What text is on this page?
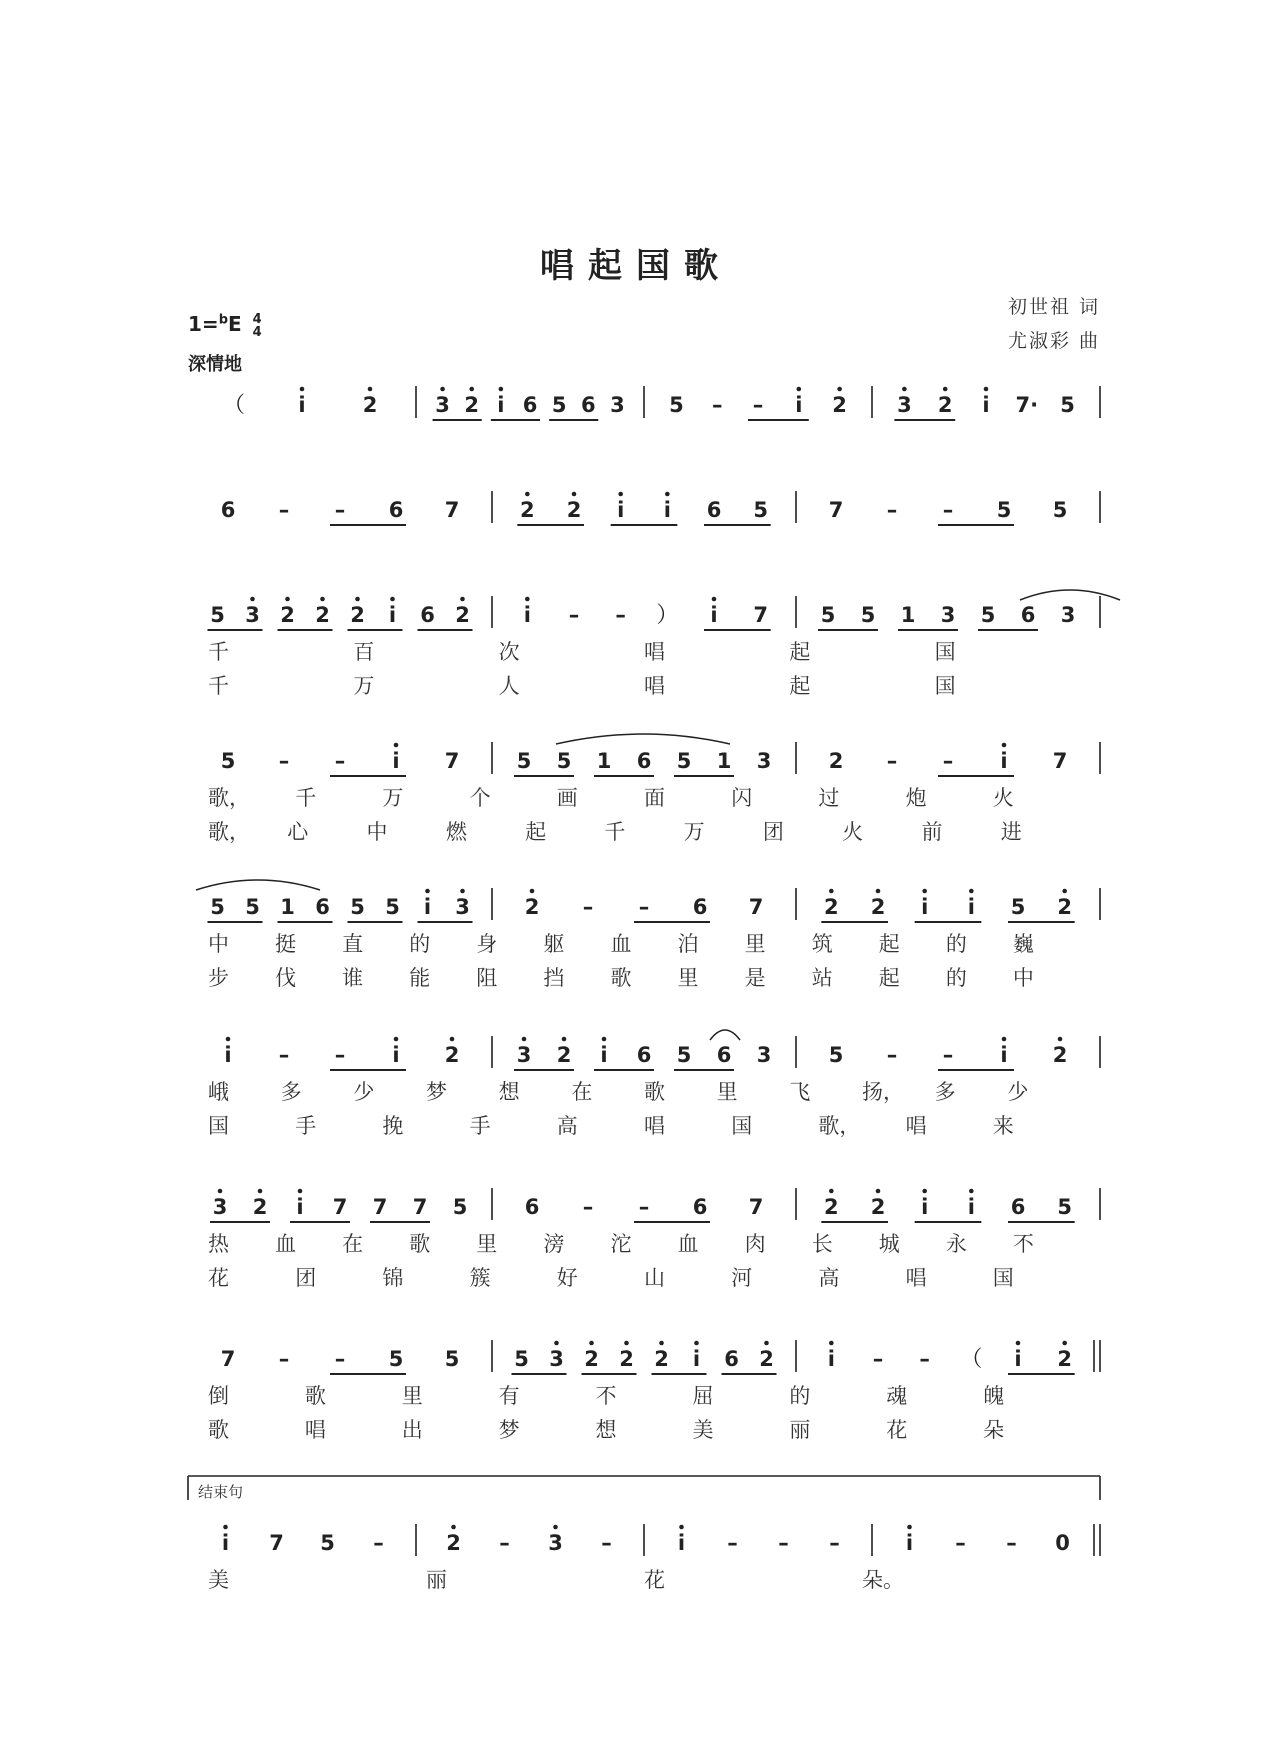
唱起国歌
初世祖 词
尤淑彩 曲
1=$^b$E 4
4
深情地
（	i	2	3 2 i 6 5 6 3 5 – – i 2 3 2 i 7· 5
6 – – 6 7	2 2 i i 6 5	7 – – 5 5
5 3 2 2 2 i 6 2	i – – ） i 7	5 5 1 3 5 6 3
千	百	次	唱	起	国
千	万	人	唱	起	国
5 – – i 7	5 5 1 6 5 1 3	2 – – i 7
歌， 千	万	个	画	面	闪	过	炮	火
歌， 心	中	燃	起	千	万	团	火	前	进
5 5 1 6 5 5 i 3	2 – – 6 7	2 2 i i 5 2
中 挺 直 的 身 躯 血 泊 里 筑 起 的 巍
步 伐 谁 能 阻 挡 歌 里 是 站 起 的 中
i – – i 2	3 2 i 6 5 6 3	5 – – i 2
峨 多 少 梦 想 在 歌 里 飞 扬， 多 少
国	手	挽	手	高	唱	国	歌， 唱	来
3 2 i 7 7 7 5	6 – – 6 7	2 2 i i 6 5
热 血 在 歌 里 滂 沱 血 肉 长 城 永 不
花	团	锦	簇	好	山	河	高	唱	国
7 – – 5 5	5 3 2 2 2 i 6 2	i – – （ i 2
倒	歌	里	有	不	屈	的	魂	魄
歌	唱	出	梦	想	美	丽	花	朵
i 7 5 –	2 – 3 –	i – – –	i – – 0
美	丽	花	朵。
结束句
